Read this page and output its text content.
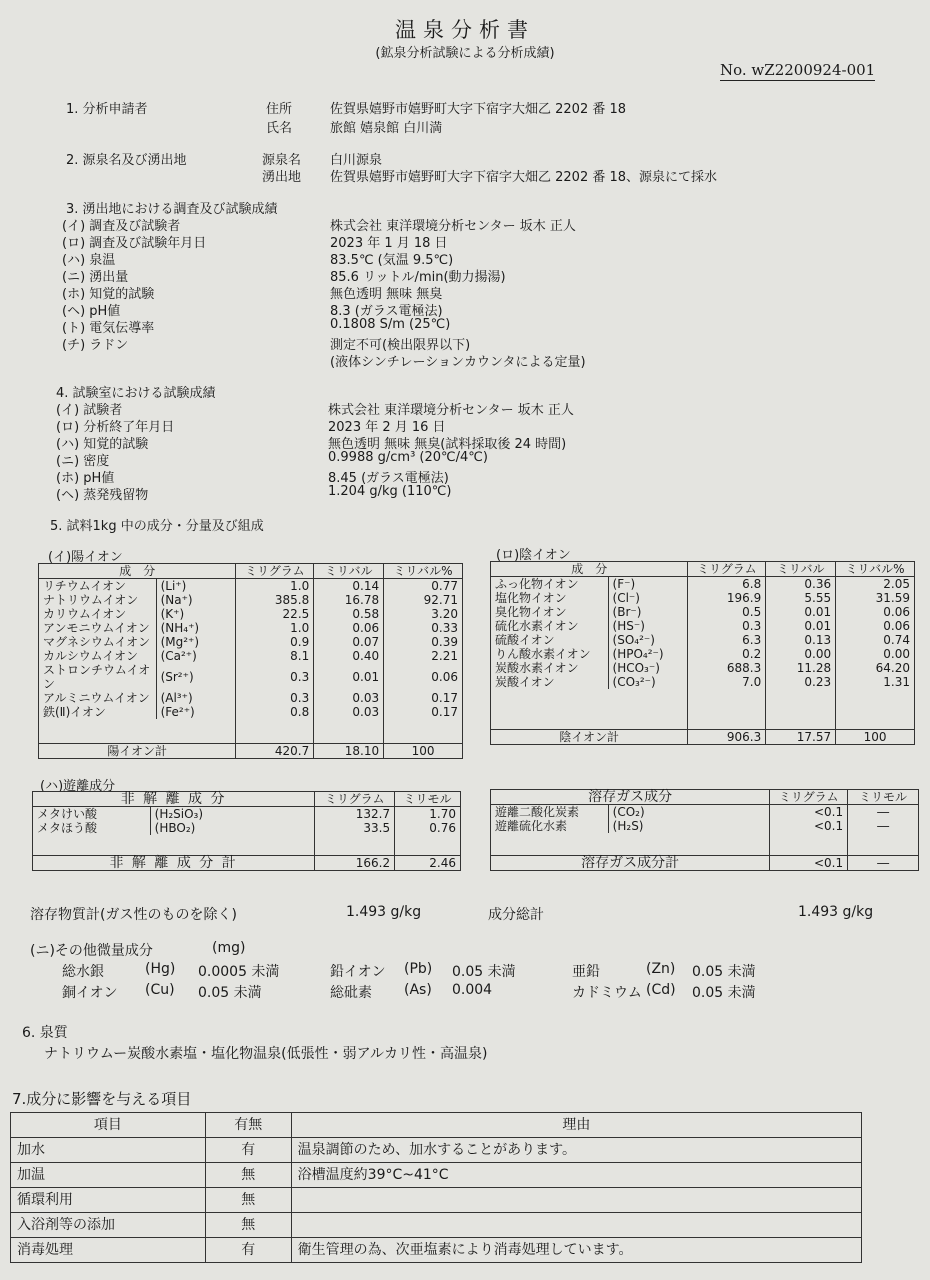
温泉分析書
(鉱泉分析試験による分析成績)
No. wZ2200924-001
1. 分析申請者	住所	佐賀県嬉野市嬉野町大字下宿字大畑乙 2202 番 18
氏名	旅館 嬉泉館 白川満
2. 源泉名及び湧出地	源泉名 白川源泉
湧出地 佐賀県嬉野市嬉野町大字下宿字大畑乙 2202 番 18、源泉にて採水
3. 湧出地における調査及び試験成績
(イ) 調査及び試験者	株式会社 東洋環境分析センター 坂木 正人
(ロ) 調査及び試験年月日	2023 年 1 月 18 日
(ハ) 泉温	83.5℃ (気温 9.5℃)
(ニ) 湧出量	85.6 リットル/min(動力揚湯)
(ホ) 知覚的試験	無色透明 無味 無臭
(ヘ) pH値	8.3 (ガラス電極法)
(ト) 電気伝導率	0.1808 S/m (25℃)
(チ) ラドン	測定不可(検出限界以下)
(液体シンチレーションカウンタによる定量)
4. 試験室における試験成績
(イ) 試験者	株式会社 東洋環境分析センター 坂木 正人
(ロ) 分析終了年月日	2023 年 2 月 16 日
(ハ) 知覚的試験	無色透明 無味 無臭(試料採取後 24 時間)
(ニ) 密度	0.9988 g/cm³ (20℃/4℃)
(ホ) pH値	8.45 (ガラス電極法)
(ヘ) 蒸発残留物	1.204 g/kg (110℃)
5. 試料1kg 中の成分・分量及び組成
(イ)陽イオン
成　分		ミリグラム	ミリバル	ミリバル%
リチウムイオン	(Li⁺)	1.0	0.14	0.77
ナトリウムイオン	(Na⁺)	385.8	16.78	92.71
カリウムイオン	(K⁺)	22.5	0.58	3.20
アンモニウムイオン	(NH₄⁺)	1.0	0.06	0.33
マグネシウムイオン	(Mg²⁺)	0.9	0.07	0.39
カルシウムイオン	(Ca²⁺)	8.1	0.40	2.21
ストロンチウムイオン	(Sr²⁺)	0.3	0.01	0.06
アルミニウムイオン	(Al³⁺)	0.3	0.03	0.17
鉄(Ⅱ)イオン	(Fe²⁺)	0.8	0.03	0.17

陽イオン計		420.7	18.10	100
(ロ)陰イオン
成　分		ミリグラム	ミリバル	ミリバル%
ふっ化物イオン	(F⁻)	6.8	0.36	2.05
塩化物イオン	(Cl⁻)	196.9	5.55	31.59
臭化物イオン	(Br⁻)	0.5	0.01	0.06
硫化水素イオン	(HS⁻)	0.3	0.01	0.06
硫酸イオン	(SO₄²⁻)	6.3	0.13	0.74
りん酸水素イオン	(HPO₄²⁻)	0.2	0.00	0.00
炭酸水素イオン	(HCO₃⁻)	688.3	11.28	64.20
炭酸イオン	(CO₃²⁻)	7.0	0.23	1.31

陰イオン計		906.3	17.57	100
(ハ)遊離成分
非 解 離 成 分		ミリグラム	ミリモル
メタけい酸	(H₂SiO₃)	132.7	1.70
メタほう酸	(HBO₂)	33.5	0.76

非 解 離 成 分 計		166.2	2.46
溶存ガス成分		ミリグラム	ミリモル
遊離二酸化炭素	(CO₂)	<0.1	―
遊離硫化水素	(H₂S)	<0.1	―

溶存ガス成分計		<0.1	―
溶存物質計(ガス性のものを除く)	1.493 g/kg	成分総計	1.493 g/kg
(ニ)その他微量成分	(mg)
総水銀	(Hg) 0.0005 未満	鉛イオン (Pb) 0.05 未満	亜鉛	(Zn) 0.05 未満
銅イオン (Cu) 0.05 未満	総砒素 (As) 0.004	カドミウム (Cd) 0.05 未満
6. 泉質
ナトリウムー炭酸水素塩・塩化物温泉(低張性・弱アルカリ性・高温泉)
7.成分に影響を与える項目
項目	有無	理由
加水	有	温泉調節のため、加水することがあります。
加温	無	浴槽温度約39°C~41°C
循環利用	無	
入浴剤等の添加	無	
消毒処理	有	衛生管理の為、次亜塩素により消毒処理しています。
